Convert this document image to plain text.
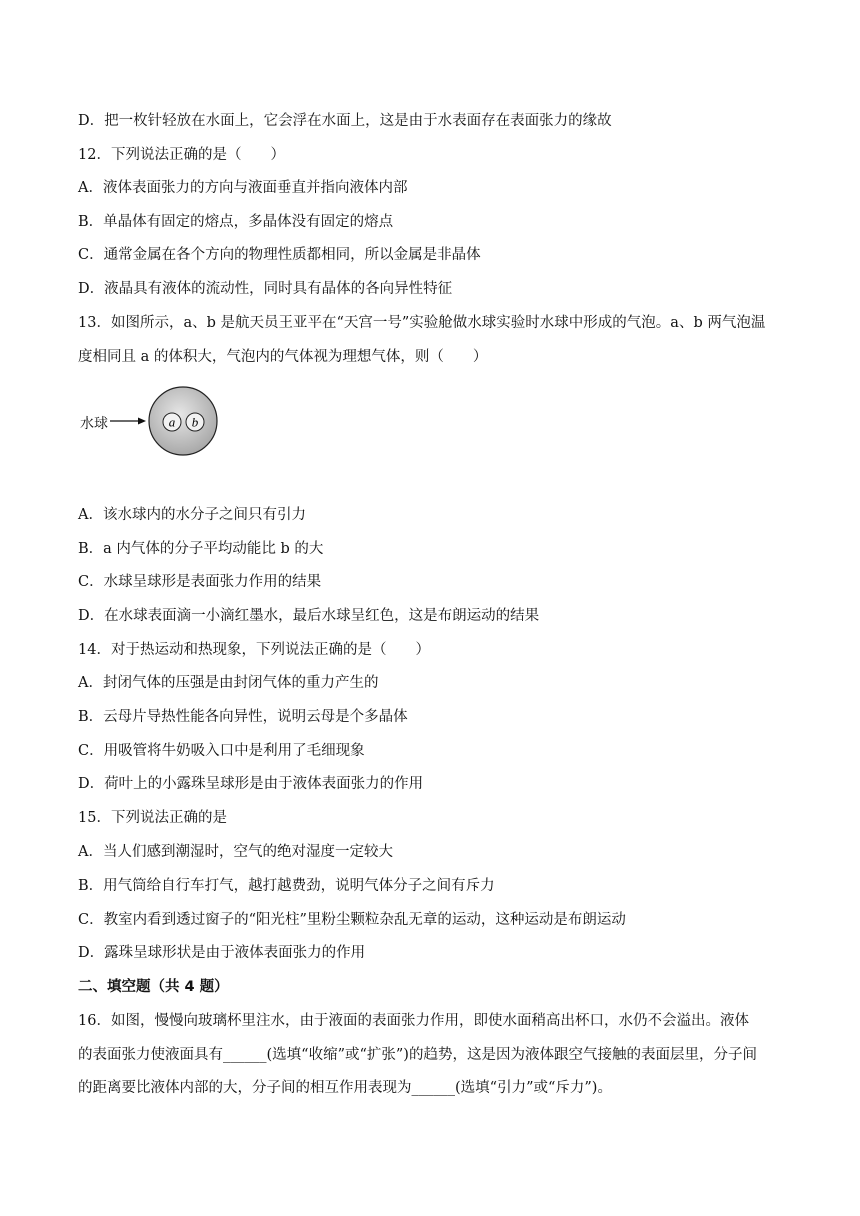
D．把一枚针轻放在水面上，它会浮在水面上，这是由于水表面存在表面张力的缘故
12．下列说法正确的是（　　）
A．液体表面张力的方向与液面垂直并指向液体内部
B．单晶体有固定的熔点，多晶体没有固定的熔点
C．通常金属在各个方向的物理性质都相同，所以金属是非晶体
D．液晶具有液体的流动性，同时具有晶体的各向异性特征
13．如图所示，a、b 是航天员王亚平在“天宫一号”实验舱做水球实验时水球中形成的气泡。a、b 两气泡温
度相同且 a 的体积大，气泡内的气体视为理想气体，则（　　）
a b
水球
A．该水球内的水分子之间只有引力
B．a 内气体的分子平均动能比 b 的大
C．水球呈球形是表面张力作用的结果
D．在水球表面滴一小滴红墨水，最后水球呈红色，这是布朗运动的结果
14．对于热运动和热现象，下列说法正确的是（　　）
A．封闭气体的压强是由封闭气体的重力产生的
B．云母片导热性能各向异性，说明云母是个多晶体
C．用吸管将牛奶吸入口中是利用了毛细现象
D．荷叶上的小露珠呈球形是由于液体表面张力的作用
15．下列说法正确的是
A．当人们感到潮湿时，空气的绝对湿度一定较大
B．用气筒给自行车打气，越打越费劲，说明气体分子之间有斥力
C．教室内看到透过窗子的“阳光柱”里粉尘颗粒杂乱无章的运动，这种运动是布朗运动
D．露珠呈球形状是由于液体表面张力的作用
二、填空题（共 4 题）
16．如图，慢慢向玻璃杯里注水，由于液面的表面张力作用，即使水面稍高出杯口，水仍不会溢出。液体
的表面张力使液面具有______(选填“收缩”或“扩张”)的趋势，这是因为液体跟空气接触的表面层里，分子间
的距离要比液体内部的大，分子间的相互作用表现为______(选填“引力”或“斥力”)。
